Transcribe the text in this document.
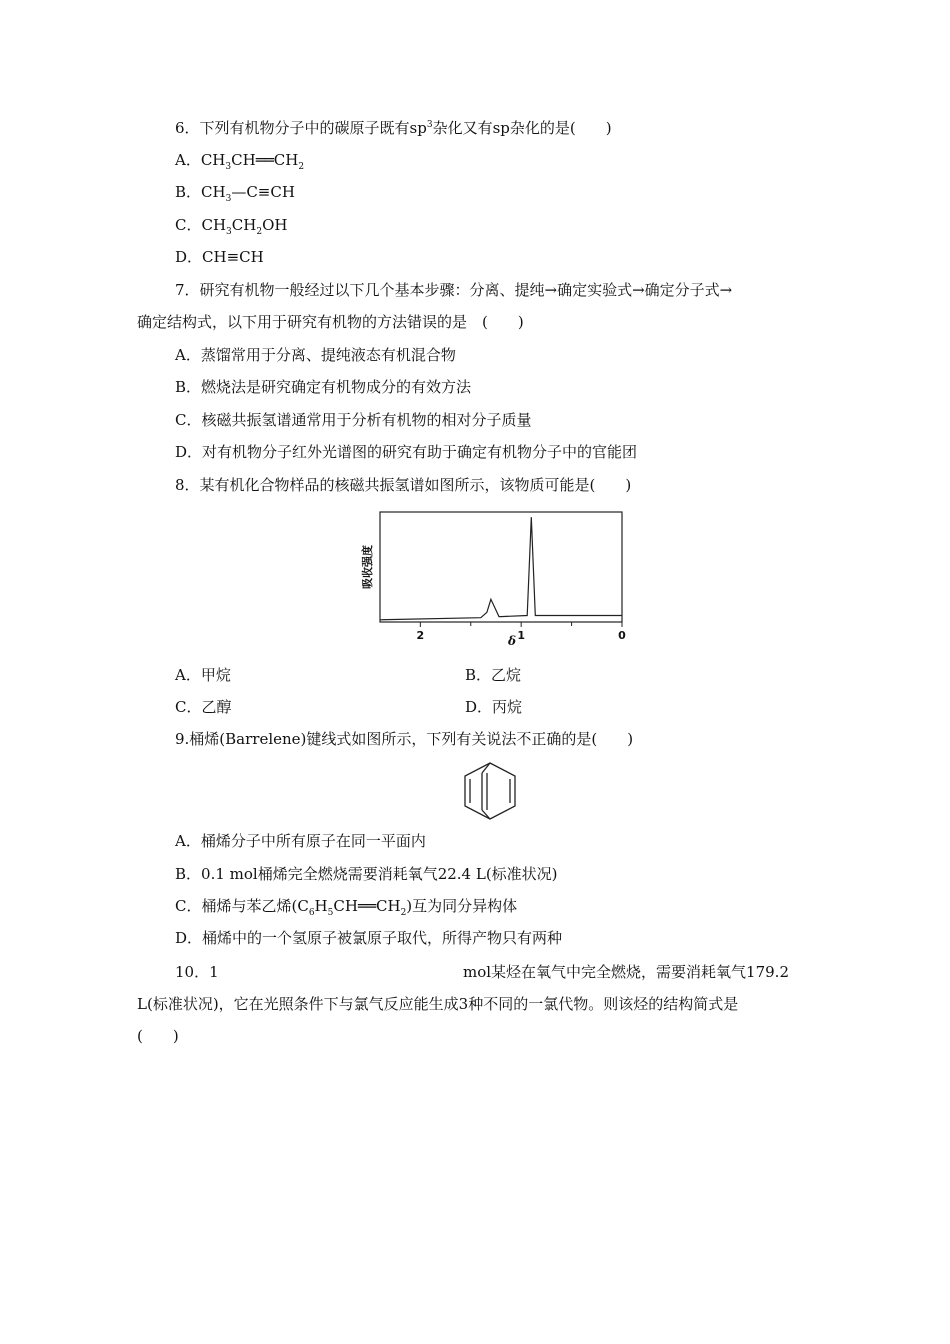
6．下列有机物分子中的碳原子既有$sp^3$杂化又有sp杂化的是(　　)
A．$CH_3CH══CH_2$
B．$CH_3—C\equiv CH$
C．$CH_3CH_2OH$
D．CH≡CH
7．研究有机物一般经过以下几个基本步骤：分离、提纯→确定实验式→确定分子式→
确定结构式，以下用于研究有机物的方法错误的是　(　　)
A．蒸馏常用于分离、提纯液态有机混合物
B．燃烧法是研究确定有机物成分的有效方法
C．核磁共振氢谱通常用于分析有机物的相对分子质量
D．对有机物分子红外光谱图的研究有助于确定有机物分子中的官能团
8．某有机化合物样品的核磁共振氢谱如图所示，该物质可能是(　　)
吸收强度
2	1	0
δ
A．甲烷	B．乙烷
C．乙醇	D．丙烷
9.桶烯(Barrelene)键线式如图所示，下列有关说法不正确的是(　　)
A．桶烯分子中所有原子在同一平面内
B．0.1 mol桶烯完全燃烧需要消耗氧气22.4 L(标准状况)
C．桶烯与苯乙烯$(C_6H_5CH══CH_2)$互为同分异构体
D．桶烯中的一个氢原子被氯原子取代，所得产物只有两种
10．1	mol某烃在氧气中完全燃烧，需要消耗氧气179.2
L(标准状况)，它在光照条件下与氯气反应能生成3种不同的一氯代物。则该烃的结构简式是
(　　)
